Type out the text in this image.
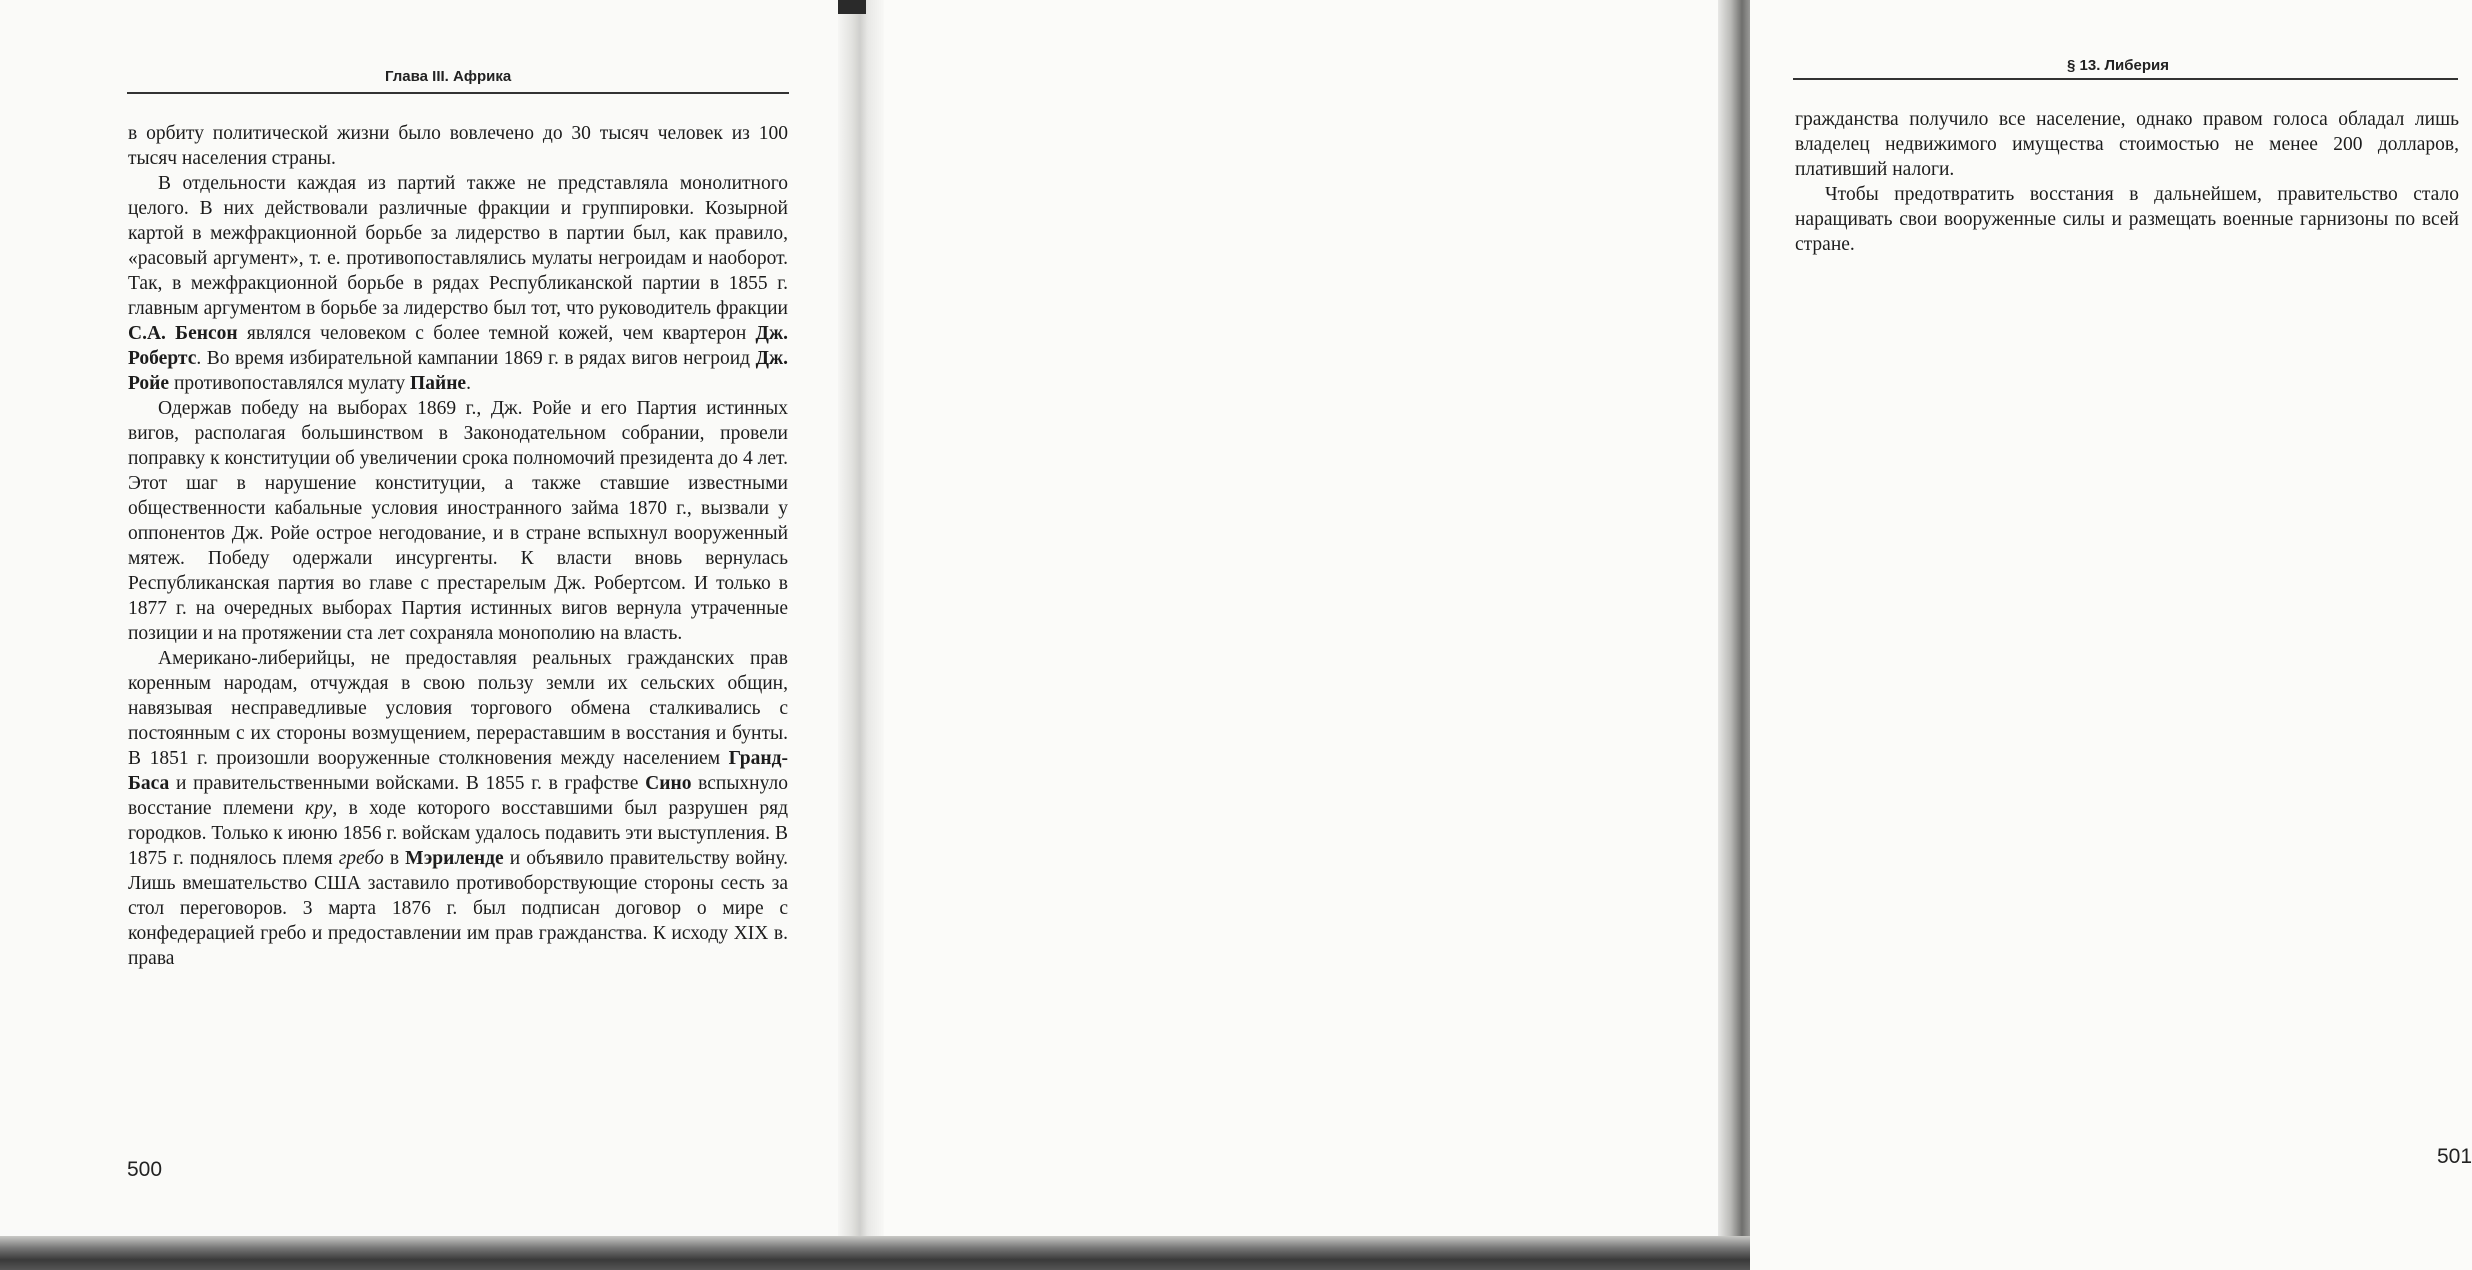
Глава III. Африка

в орбиту политической жизни было вовлечено до 30 тысяч человек из 100 тысяч населения страны.

В отдельности каждая из партий также не представляла монолитного целого. В них действовали различные фракции и группировки. Козырной картой в межфракционной борьбе за лидерство в партии был, как правило, «расовый аргумент», т. е. противопоставлялись мулаты негроидам и наоборот. Так, в межфракционной борьбе в рядах Республиканской партии в 1855 г. главным аргументом в борьбе за лидерство был тот, что руководитель фракции С.А. Бенсон являлся человеком с более темной кожей, чем квартерон Дж. Робертс. Во время избирательной кампании 1869 г. в рядах вигов негроид Дж. Ройе противопоставлялся мулату Пайне.

Одержав победу на выборах 1869 г., Дж. Ройе и его Партия истинных вигов, располагая большинством в Законодательном собрании, провели поправку к конституции об увеличении срока полномочий президента до 4 лет. Этот шаг в нарушение конституции, а также ставшие известными общественности кабальные условия иностранного займа 1870 г., вызвали у оппонентов Дж. Ройе острое негодование, и в стране вспыхнул вооруженный мятеж. Победу одержали инсургенты. К власти вновь вернулась Республиканская партия во главе с престарелым Дж. Робертсом. И только в 1877 г. на очередных выборах Партия истинных вигов вернула утраченные позиции и на протяжении ста лет сохраняла монополию на власть.

Американо-либерийцы, не предоставляя реальных гражданских прав коренным народам, отчуждая в свою пользу земли их сельских общин, навязывая несправедливые условия торгового обмена сталкивались с постоянным с их стороны возмущением, перераставшим в восстания и бунты. В 1851 г. произошли вооруженные столкновения между населением Гранд-Баса и правительственными войсками. В 1855 г. в графстве Сино вспыхнуло восстание племени кру, в ходе которого восставшими был разрушен ряд городков. Только к июню 1856 г. войскам удалось подавить эти выступления. В 1875 г. поднялось племя гребо в Мэриленде и объявило правительству войну. Лишь вмешательство США заставило противоборствующие стороны сесть за стол переговоров. 3 марта 1876 г. был подписан договор о мире с конфедерацией гребо и предоставлении им прав гражданства. К исходу XIX в. права

500
§ 13. Либерия

гражданства получило все население, однако правом голоса обладал лишь владелец недвижимого имущества стоимостью не менее 200 долларов, плативший налоги.

Чтобы предотвратить восстания в дальнейшем, правительство стало наращивать свои вооруженные силы и размещать военные гарнизоны по всей стране.

501
